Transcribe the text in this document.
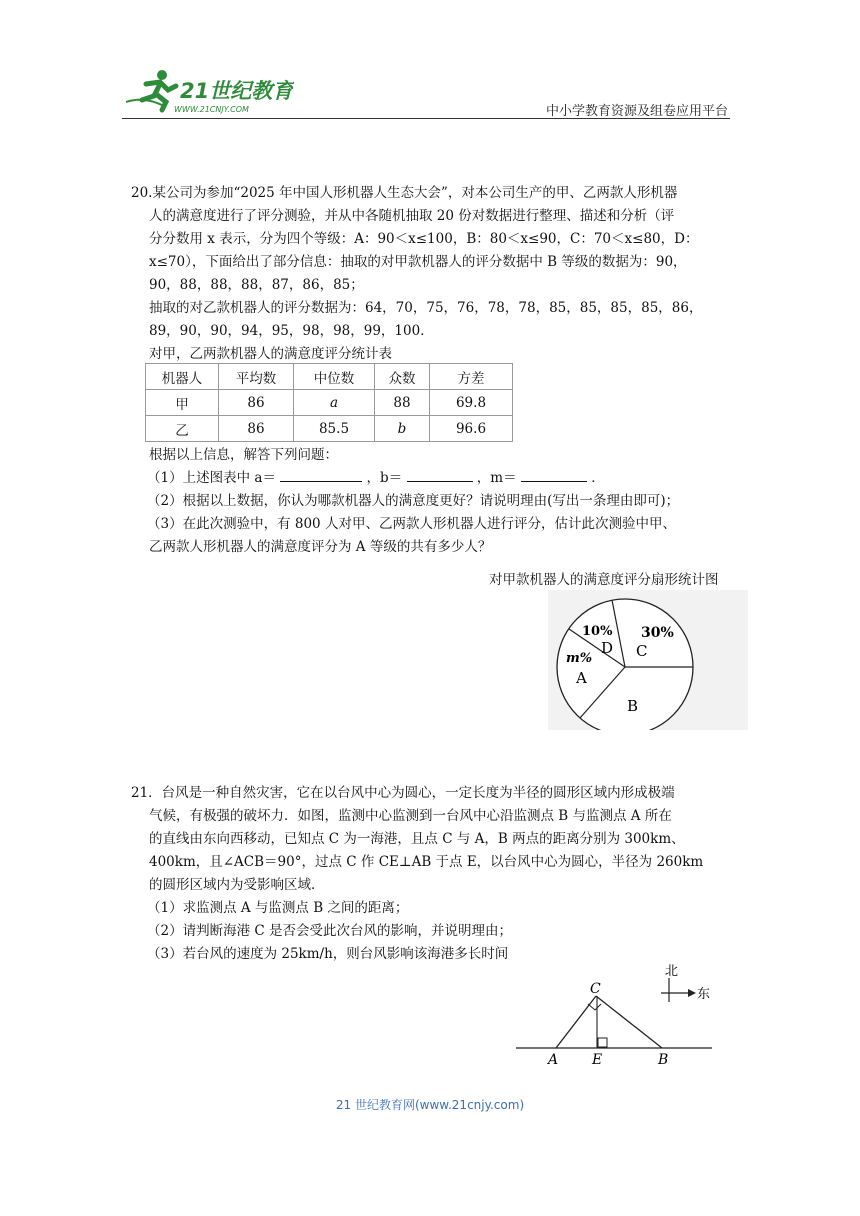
21世纪教育
WWW.21CNJY.COM	中小学教育资源及组卷应用平台
20.某公司为参加“2025 年中国人形机器人生态大会”，对本公司生产的甲、乙两款人形机器
人的满意度进行了评分测验，并从中各随机抽取 20 份对数据进行整理、描述和分析（评
分分数用 x 表示，分为四个等级：A：90＜x≤100，B：80＜x≤90，C：70＜x≤80，D：
x≤70），下面给出了部分信息：抽取的对甲款机器人的评分数据中 B 等级的数据为：90，
90，88，88，88，87，86，85；
抽取的对乙款机器人的评分数据为：64，70，75，76，78，78，85，85，85，85，86，
89，90，90，94，95，98，98，99，100．
对甲，乙两款机器人的满意度评分统计表
机器人	平均数	中位数	众数	方差
甲	86	a	88	69.8
乙	86	85.5	b	96.6
根据以上信息，解答下列问题：
（1）上述图表中 a＝	，b＝	，m＝	．
（2）根据以上数据，你认为哪款机器人的满意度更好？请说明理由(写出一条理由即可)；
（3）在此次测验中，有 800 人对甲、乙两款人形机器人进行评分，估计此次测验中甲、
乙两款人形机器人的满意度评分为 A 等级的共有多少人？
对甲款机器人的满意度评分扇形统计图
30%
C
10%
D
m%
A
B
21．台风是一种自然灾害，它在以台风中心为圆心，一定长度为半径的圆形区域内形成极端
气候，有极强的破坏力．如图，监测中心监测到一台风中心沿监测点 B 与监测点 A 所在
的直线由东向西移动，已知点 C 为一海港，且点 C 与 A，B 两点的距离分别为 300km、
400km，且∠ACB＝90°，过点 C 作 CE⊥AB 于点 E，以台风中心为圆心，半径为 260km
的圆形区域内为受影响区域．
（1）求监测点 A 与监测点 B 之间的距离；
（2）请判断海港 C 是否会受此次台风的影响，并说明理由；
（3）若台风的速度为 25km/h，则台风影响该海港多长时间
C
A E	B
北
东
21 世纪教育网(www.21cnjy.com)
